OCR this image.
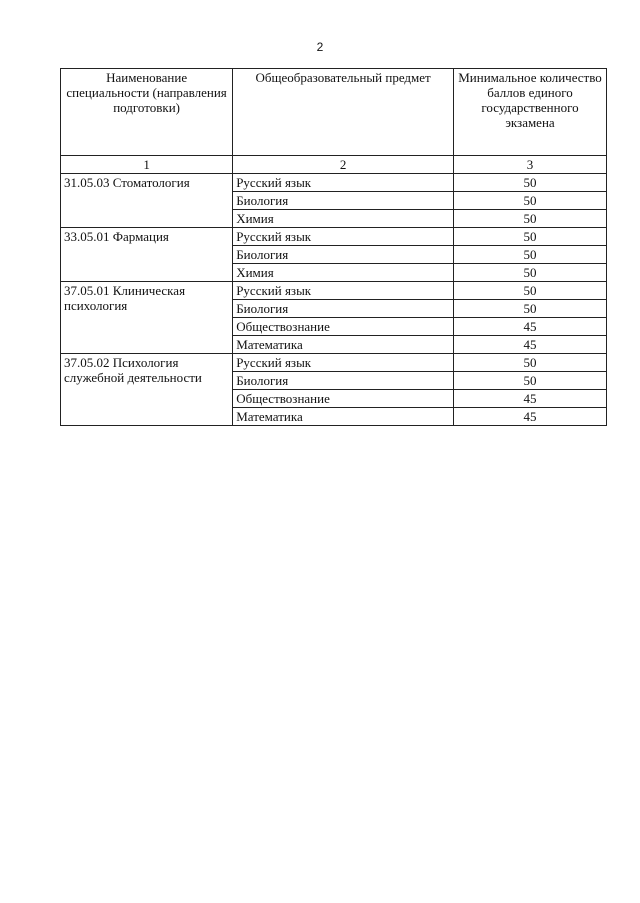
2
Наименование специальности (направления подготовки)	Общеобразовательный предмет	Минимальное количество баллов единого государственного экзамена
1	2	3
31.05.03 Стоматология	Русский язык	50
	Биология	50
	Химия	50
33.05.01 Фармация	Русский язык	50
	Биология	50
	Химия	50
37.05.01 Клиническая психология	Русский язык	50
	Биология	50
	Обществознание	45
	Математика	45
37.05.02 Психология служебной деятельности	Русский язык	50
	Биология	50
	Обществознание	45
	Математика	45
